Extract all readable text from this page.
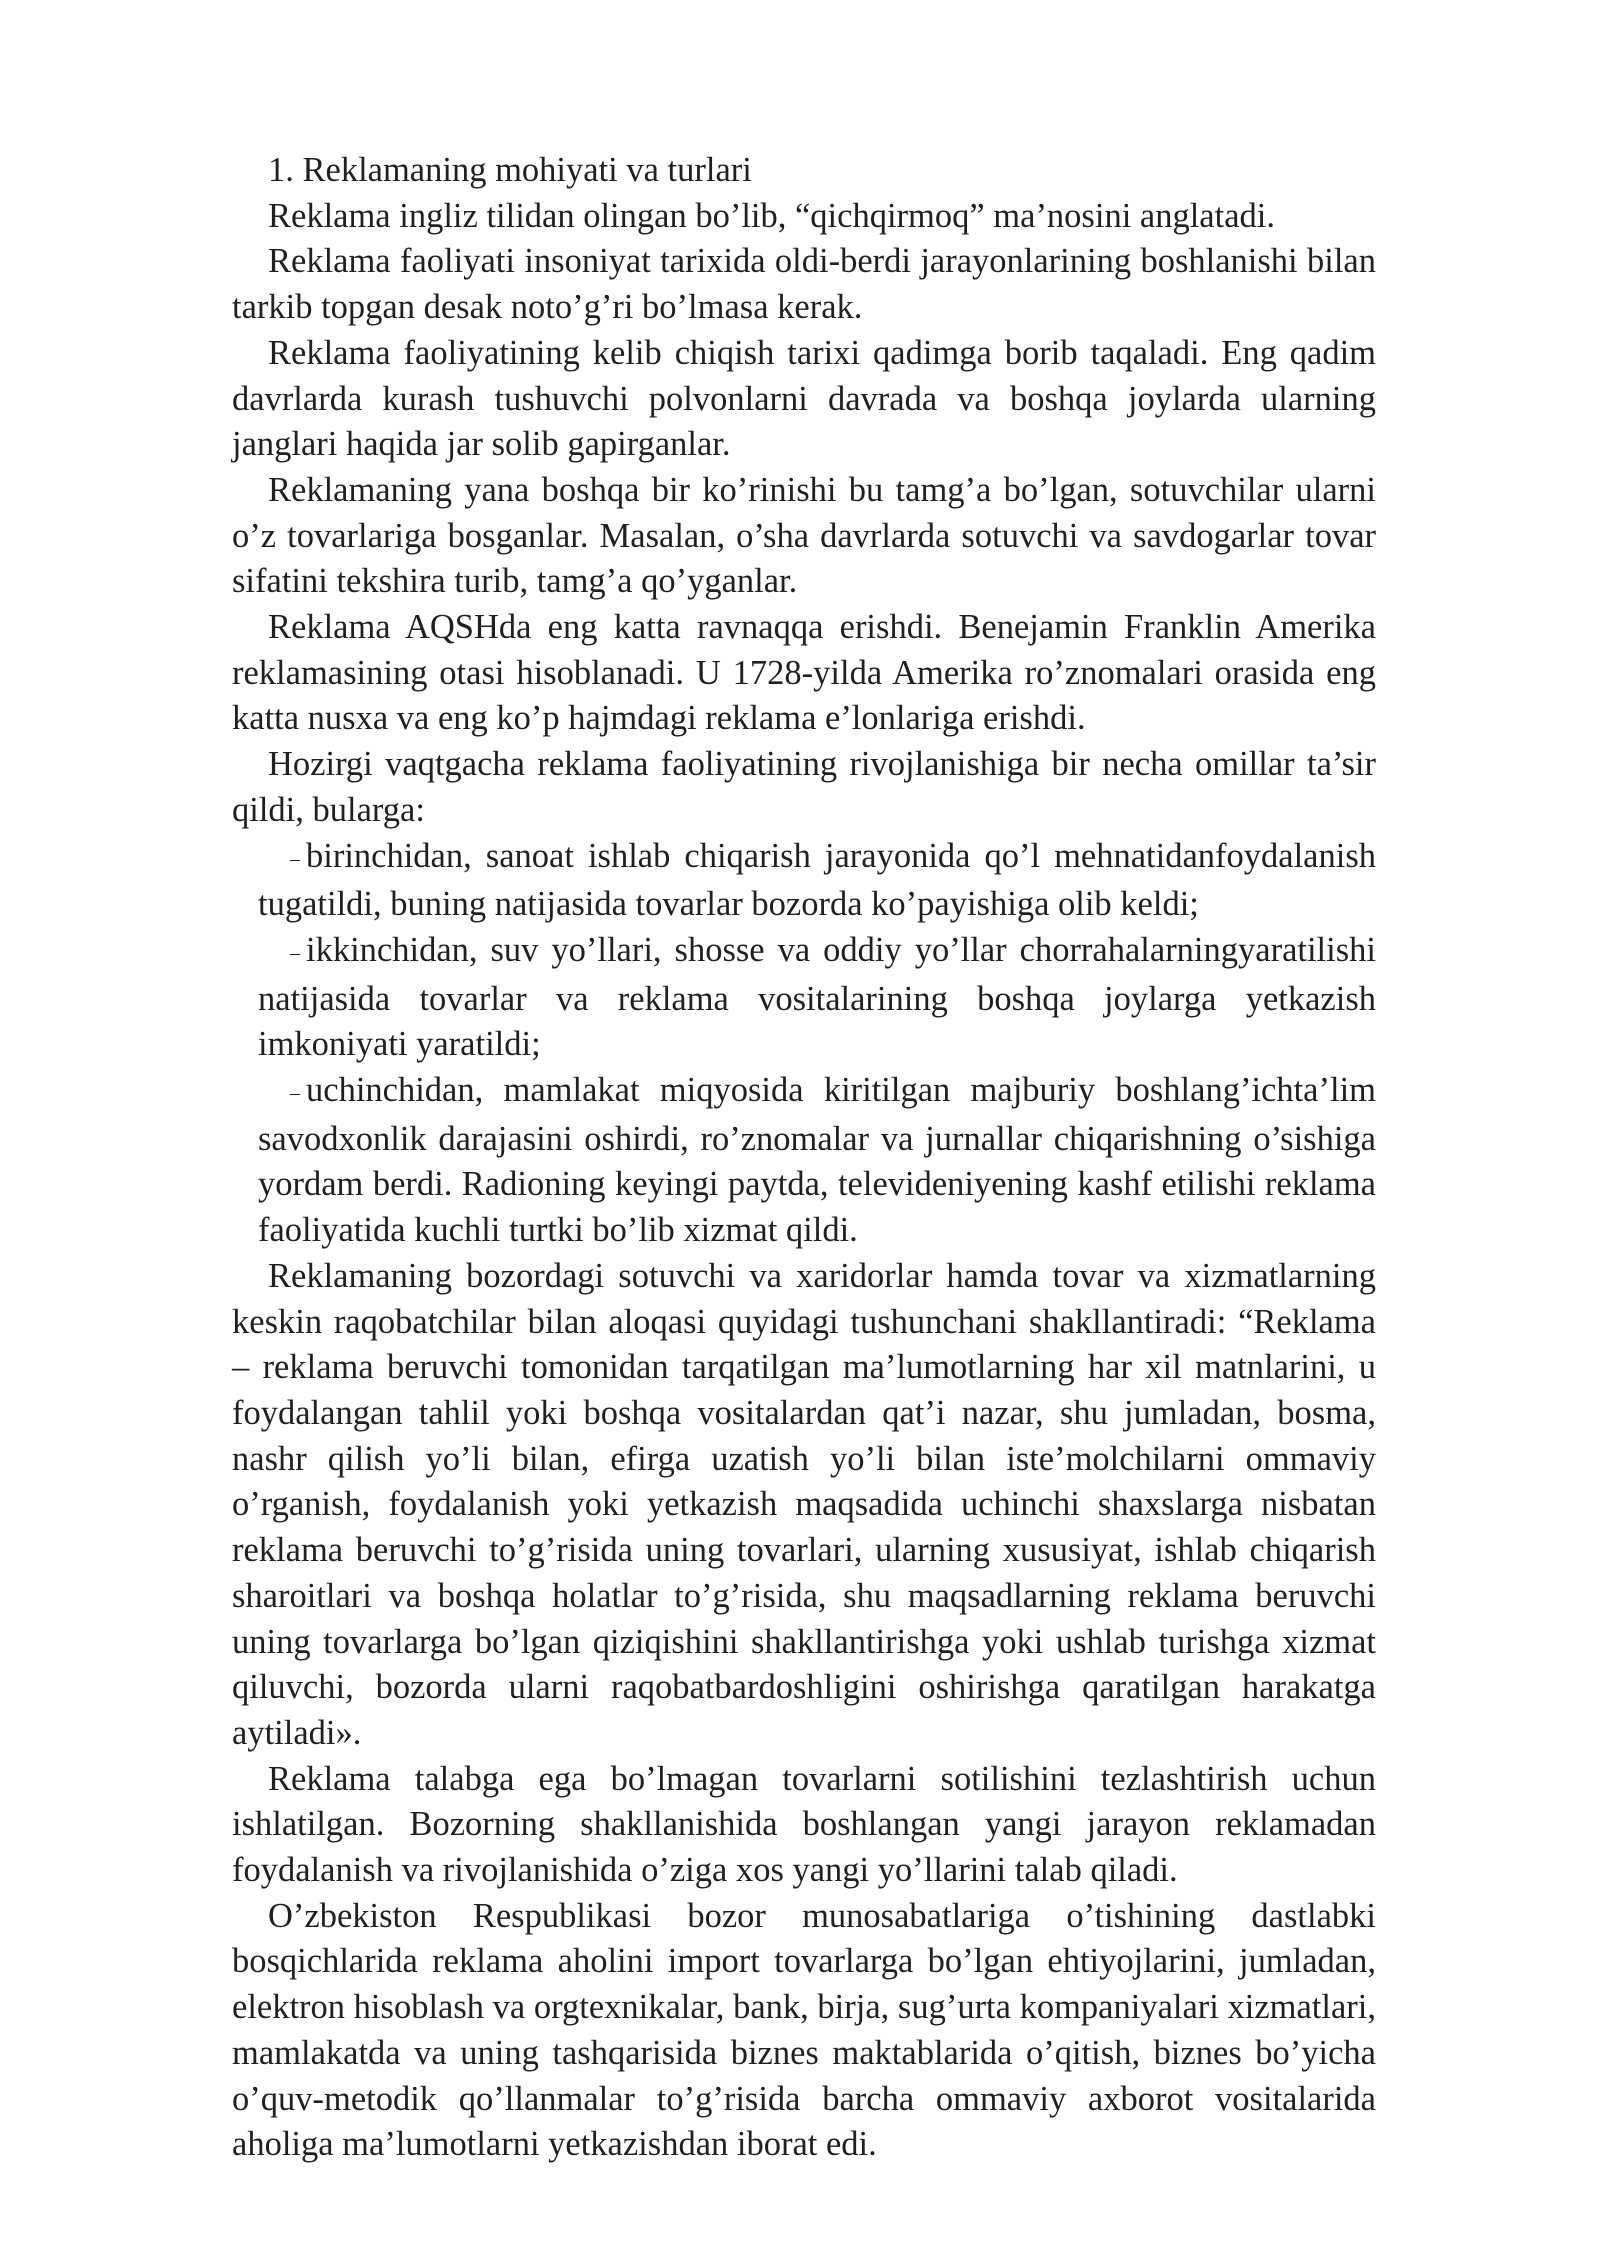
1. Reklamaning mohiyati va turlari

Reklama ingliz tilidan olingan bo’lib, “qichqirmoq” ma’nosini anglatadi.

Reklama faoliyati insoniyat tarixida oldi-berdi jarayonlarining boshlanishi bilan tarkib topgan desak noto’g’ri bo’lmasa kerak.

Reklama faoliyatining kelib chiqish tarixi qadimga borib taqaladi. Eng qadim davrlarda kurash tushuvchi polvonlarni davrada va boshqa joylarda ularning janglari haqida jar solib gapirganlar.

Reklamaning yana boshqa bir ko’rinishi bu tamg’a bo’lgan, sotuvchilar ularni o’z tovarlariga bosganlar. Masalan, o’sha davrlarda sotuvchi va savdogarlar tovar sifatini tekshira turib, tamg’a qo’yganlar.

Reklama AQSHda eng katta ravnaqqa erishdi. Benejamin Franklin Amerika reklamasining otasi hisoblanadi. U 1728-yilda Amerika ro’znomalari orasida eng katta nusxa va eng ko’p hajmdagi reklama e’lonlariga erishdi.

Hozirgi vaqtgacha reklama faoliyatining rivojlanishiga bir necha omillar ta’sir qildi, bularga:

– birinchidan, sanoat ishlab chiqarish jarayonida qo’l mehnatidanfoydalanish tugatildi, buning natijasida tovarlar bozorda ko’payishiga olib keldi;

– ikkinchidan, suv yo’llari, shosse va oddiy yo’llar chorrahalarningyaratilishi natijasida tovarlar va reklama vositalarining boshqa joylarga yetkazish imkoniyati yaratildi;

– uchinchidan, mamlakat miqyosida kiritilgan majburiy boshlang’ichta’lim savodxonlik darajasini oshirdi, ro’znomalar va jurnallar chiqarishning o’sishiga yordam berdi. Radioning keyingi paytda, televideniyening kashf etilishi reklama faoliyatida kuchli turtki bo’lib xizmat qildi.

Reklamaning bozordagi sotuvchi va xaridorlar hamda tovar va xizmatlarning keskin raqobatchilar bilan aloqasi quyidagi tushunchani shakllantiradi: “Reklama – reklama beruvchi tomonidan tarqatilgan ma’lumotlarning har xil matnlarini, u foydalangan tahlil yoki boshqa vositalardan qat’i nazar, shu jumladan, bosma, nashr qilish yo’li bilan, efirga uzatish yo’li bilan iste’molchilarni ommaviy o’rganish, foydalanish yoki yetkazish maqsadida uchinchi shaxslarga nisbatan reklama beruvchi to’g’risida uning tovarlari, ularning xususiyat, ishlab chiqarish sharoitlari va boshqa holatlar to’g’risida, shu maqsadlarning reklama beruvchi uning tovarlarga bo’lgan qiziqishini shakllantirishga yoki ushlab turishga xizmat qiluvchi, bozorda ularni raqobatbardoshligini oshirishga qaratilgan harakatga aytiladi».

Reklama talabga ega bo’lmagan tovarlarni sotilishini tezlashtirish uchun ishlatilgan. Bozorning shakllanishida boshlangan yangi jarayon reklamadan foydalanish va rivojlanishida o’ziga xos yangi yo’llarini talab qiladi.

O’zbekiston Respublikasi bozor munosabatlariga o’tishining dastlabki bosqichlarida reklama aholini import tovarlarga bo’lgan ehtiyojlarini, jumladan, elektron hisoblash va orgtexnikalar, bank, birja, sug’urta kompaniyalari xizmatlari, mamlakatda va uning tashqarisida biznes maktablarida o’qitish, biznes bo’yicha o’quv-metodik qo’llanmalar to’g’risida barcha ommaviy axborot vositalarida aholiga ma’lumotlarni yetkazishdan iborat edi.
